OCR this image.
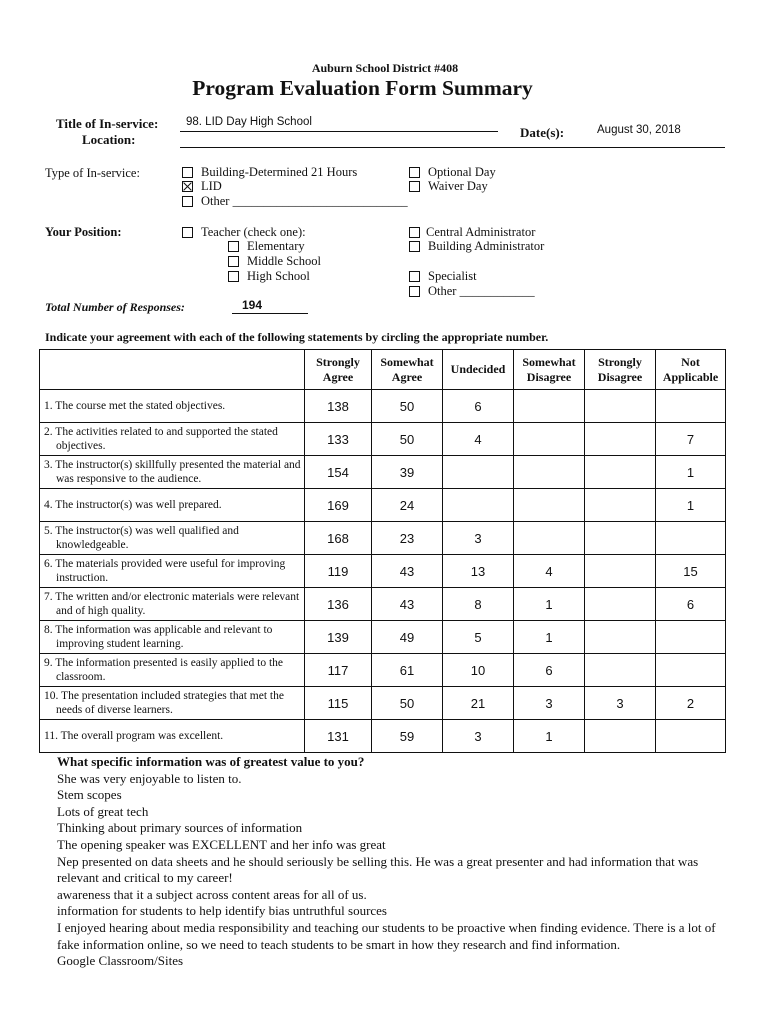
Auburn School District #408
Program Evaluation Form Summary
Title of In-service: 98. LID Day High School
Location:	Date(s):	August 30, 2018
Type of In-service:	Building-Determined 21 Hours
LID
Other ____________________________
Optional Day
Waiver Day
Your Position:	Teacher (check one):
Elementary
Middle School
High School
Central Administrator
Building Administrator
Specialist
Other ____________
Total Number of Responses:	194
Indicate your agreement with each of the following statements by circling the appropriate number.
	Strongly
Agree	Somewhat
Agree	Undecided	Somewhat
Disagree	Strongly
Disagree	Not
Applicable
1. The course met the stated objectives.	138	50	6			
2. The activities related to and supported the stated objectives.	133	50	4			7
3. The instructor(s) skillfully presented the material and was responsive to the audience.	154	39				1
4. The instructor(s) was well prepared.	169	24				1
5. The instructor(s) was well qualified and knowledgeable.	168	23	3			
6. The materials provided were useful for improving instruction.	119	43	13	4		15
7. The written and/or electronic materials were relevant and of high quality.	136	43	8	1		6
8. The information was applicable and relevant to improving student learning.	139	49	5	1		
9. The information presented is easily applied to the classroom.	117	61	10	6		
10. The presentation included strategies that met the needs of diverse learners.	115	50	21	3	3	2
11. The overall program was excellent.	131	59	3	1		
What specific information was of greatest value to you?
She was very enjoyable to listen to.
Stem scopes
Lots of great tech
Thinking about primary sources of information
The opening speaker was EXCELLENT and her info was great
Nep presented on data sheets and he should seriously be selling this. He was a great presenter and had information that was relevant and critical to my career!
awareness that it a subject across content areas for all of us.
information for students to help identify bias untruthful sources
I enjoyed hearing about media responsibility and teaching our students to be proactive when finding evidence. There is a lot of fake information online, so we need to teach students to be smart in how they research and find information.
Google Classroom/Sites
